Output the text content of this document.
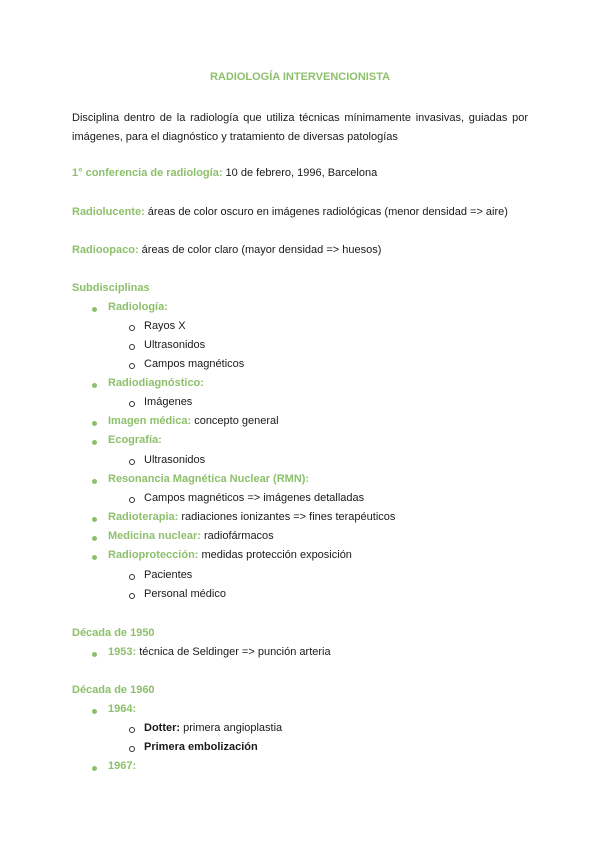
RADIOLOGÍA INTERVENCIONISTA
Disciplina dentro de la radiología que utiliza técnicas mínimamente invasivas, guiadas por imágenes, para el diagnóstico y tratamiento de diversas patologías
1° conferencia de radiología: 10 de febrero, 1996, Barcelona
Radiolucente: áreas de color oscuro en imágenes radiológicas (menor densidad => aire)
Radioopaco: áreas de color claro (mayor densidad => huesos)
Subdisciplinas
Radiología:
Rayos X
Ultrasonidos
Campos magnéticos
Radiodiagnóstico:
Imágenes
Imagen médica: concepto general
Ecografía:
Ultrasonidos
Resonancia Magnética Nuclear (RMN):
Campos magnéticos => imágenes detalladas
Radioterapia: radiaciones ionizantes => fines terapéuticos
Medicina nuclear: radiofármacos
Radioprotección: medidas protección exposición
Pacientes
Personal médico
Década de 1950
1953: técnica de Seldinger => punción arteria
Década de 1960
1964:
Dotter: primera angioplastia
Primera embolización
1967:
